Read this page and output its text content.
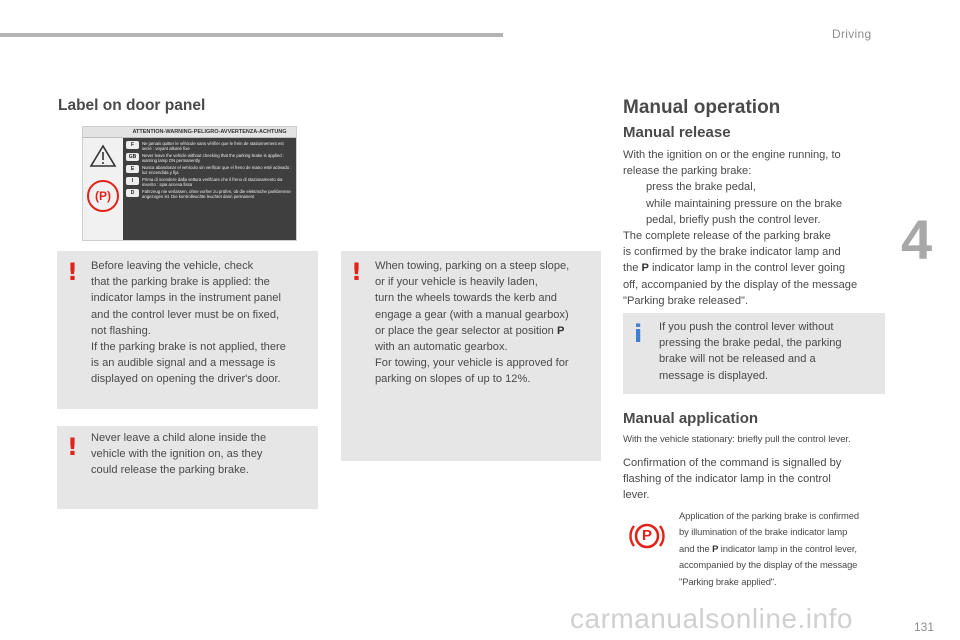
Driving
4
carmanualsonline.info	131
Label on door panel
ATTENTION-WARNING-PELIGRO-AVVERTENZA-ACHTUNG
(P)
F	Ne jamais quitter le véhicule sans vérifier que le frein de stationnement est serré : voyant allumé fixe
GB	Never leave the vehicle without checking that the parking brake is applied : warning lamp ON permanently
E	Nunca abandonar el vehículo sin verificar que el freno de mano esté activado : luz encendida y fija
I	Prima di scendere dalla vettura verificare che il freno di stazionamento sia inserito : spia accesa fissa
D	Fahrzeug nie verlassen, ohne vorher zu prüfen, ob die elektrische parkbremse angezogen ist. Die kontrolleuchte leuchtet dann permanent
! Before leaving the vehicle, check
that the parking brake is applied: the
indicator lamps in the instrument panel
and the control lever must be on fixed,
not flashing.
If the parking brake is not applied, there
is an audible signal and a message is
displayed on opening the driver's door.
! Never leave a child alone inside the
vehicle with the ignition on, as they
could release the parking brake.
! When towing, parking on a steep slope,
or if your vehicle is heavily laden,
turn the wheels towards the kerb and
engage a gear (with a manual gearbox)
or place the gear selector at position P
with an automatic gearbox.
For towing, your vehicle is approved for
parking on slopes of up to 12%.
Manual operation
Manual release
With the ignition on or the engine running, to
release the parking brake:
press the brake pedal,
while maintaining pressure on the brake
pedal, briefly push the control lever.
The complete release of the parking brake
is confirmed by the brake indicator lamp and
the P indicator lamp in the control lever going
off, accompanied by the display of the message
"Parking brake released".
i If you push the control lever without
pressing the brake pedal, the parking
brake will not be released and a
message is displayed.
Manual application
With the vehicle stationary: briefly pull the control lever.
Confirmation of the command is signalled by
flashing of the indicator lamp in the control
lever.
P
Application of the parking brake is confirmed
by illumination of the brake indicator lamp
and the P indicator lamp in the control lever,
accompanied by the display of the message
"Parking brake applied".
